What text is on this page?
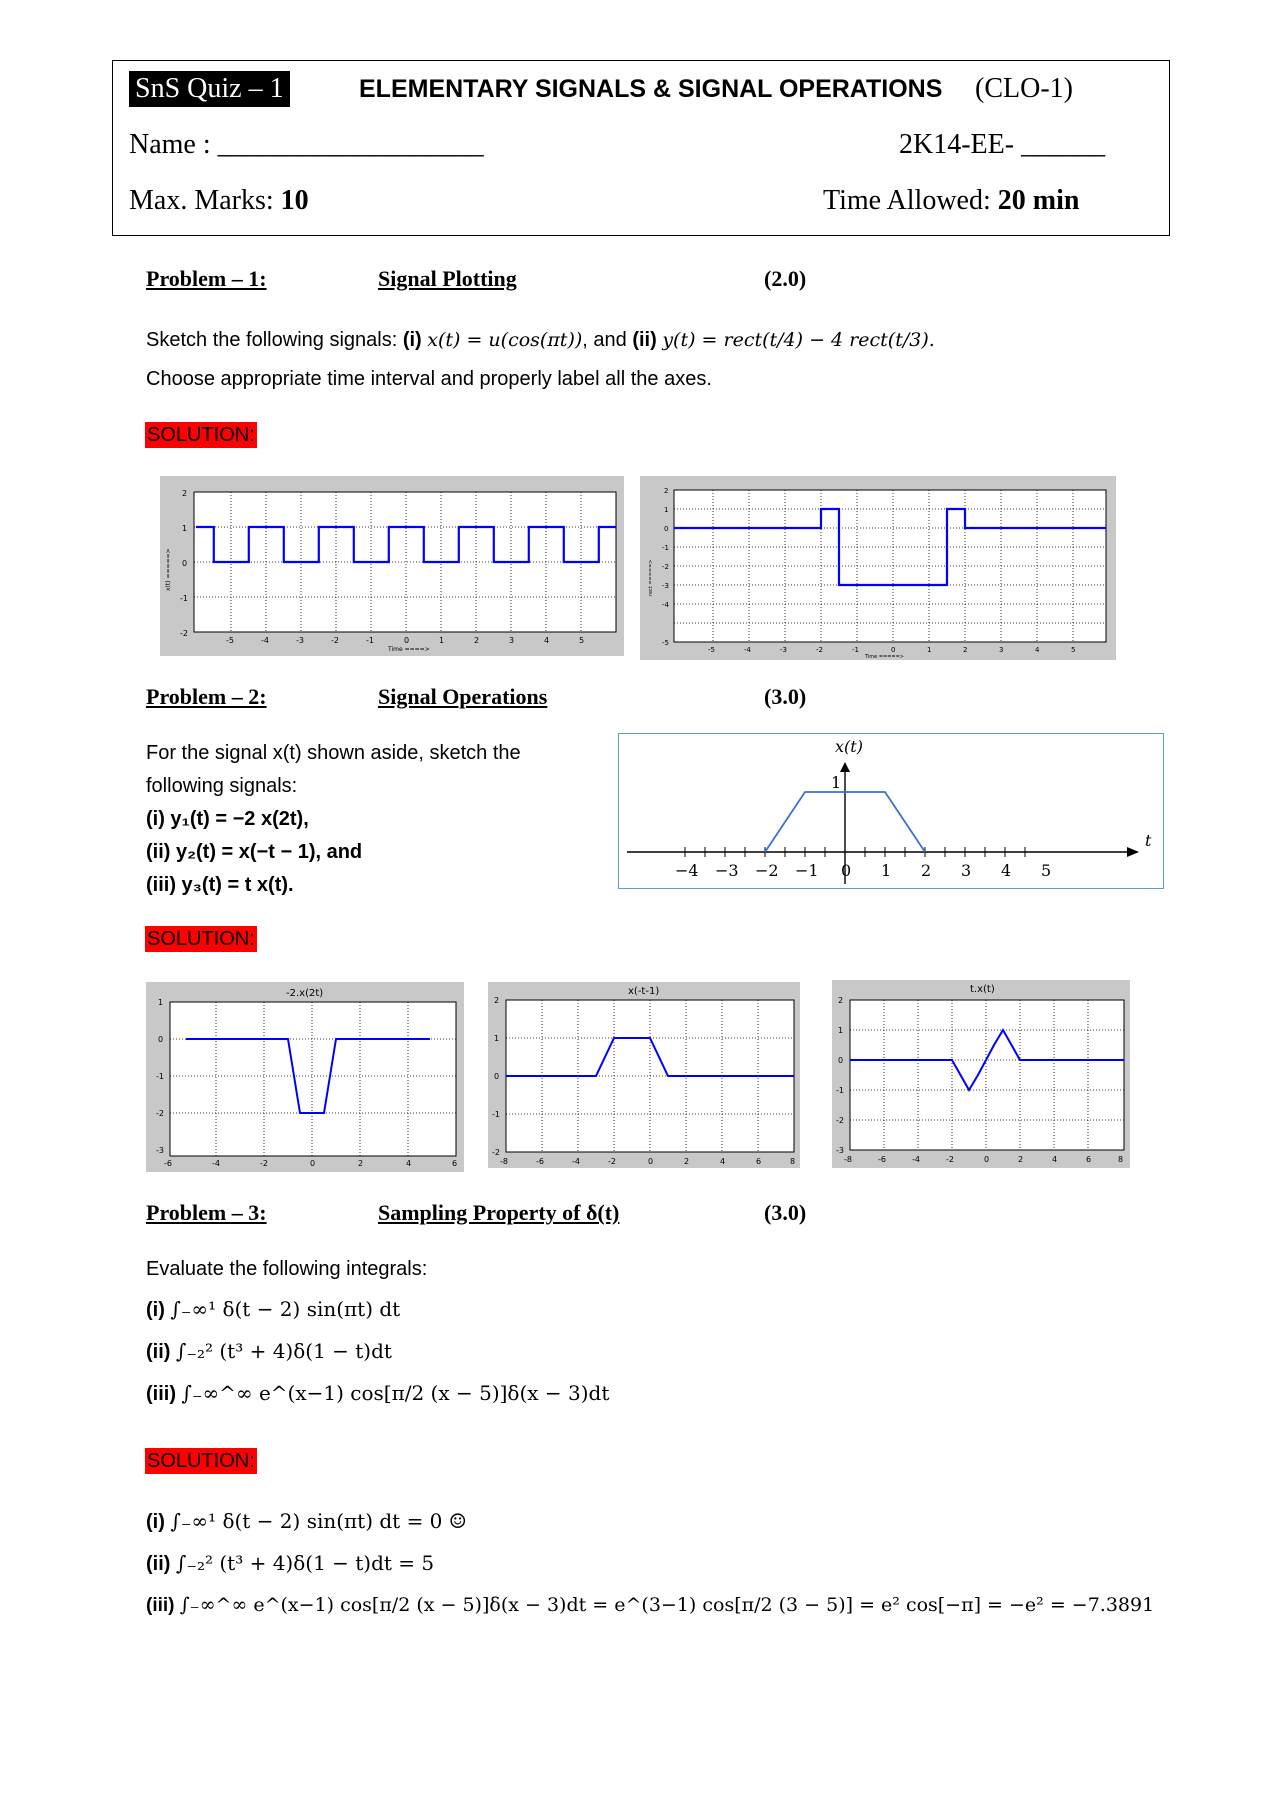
SnS Quiz – 1	ELEMENTARY SIGNALS & SIGNAL OPERATIONS (CLO-1)
Name : ___________________	2K14-EE- ______
Max. Marks: 10	Time Allowed: 20 min
Problem – 1:	Signal Plotting	(2.0)
Sketch the following signals: (i) x(t) = u(cos(πt)), and (ii) y(t) = rect(t/4) − 4 rect(t/3).
Choose appropriate time interval and properly label all the axes.
SOLUTION:
2
1
0
-1
-2
-5	-4	-3	-2	-1	0	1	2	3	4	5
Time ====>
x(t) =====>
2
1
0
-1
-2
-3
-4
-5
-5	-4	-3	-2	-1	0	1	2	3	4	5
Time =====>
rect =====>
Problem – 2:	Signal Operations	(3.0)
For the signal x(t) shown aside, sketch the
following signals:
(i) y₁(t) = −2 x(2t),
(ii) y₂(t) = x(−t − 1), and
(iii) y₃(t) = t x(t).
x(t)
1
t
−4 −3 −2 −1 0 1 2 3 4 5
SOLUTION:
-2.x(2t)
1
0
-1
-2
-3
-6	-4	-2	0	2	4	6
x(-t-1)
2
1
0
-1
-2
-8	-6	-4	-2	0	2	4	6	8
t.x(t)
2
1
0
-1
-2
-3
-8	-6	-4	-2	0	2	4	6	8
Problem – 3:	Sampling Property of δ(t)	(3.0)
Evaluate the following integrals:
(i) ∫₋∞¹ δ(t − 2) sin(πt) dt
(ii) ∫₋₂² (t³ + 4)δ(1 − t)dt
(iii) ∫₋∞^∞ e^(x−1) cos[π/2 (x − 5)]δ(x − 3)dt
SOLUTION:
(i) ∫₋∞¹ δ(t − 2) sin(πt) dt = 0 ☺
(ii) ∫₋₂² (t³ + 4)δ(1 − t)dt = 5
(iii) ∫₋∞^∞ e^(x−1) cos[π/2 (x − 5)]δ(x − 3)dt = e^(3−1) cos[π/2 (3 − 5)] = e² cos[−π] = −e² = −7.3891
